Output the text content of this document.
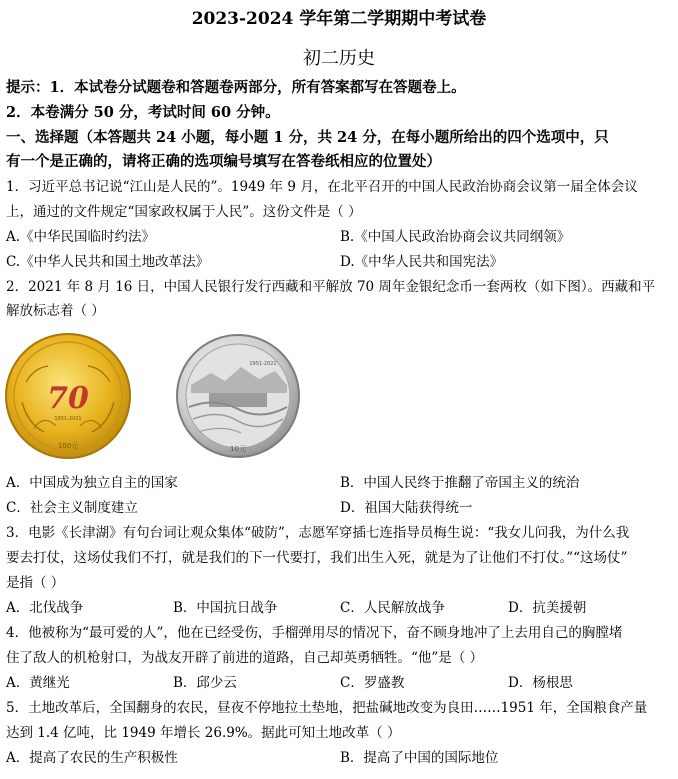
2023-2024 学年第二学期期中考试卷
初二历史
提示：1．本试卷分试题卷和答题卷两部分，所有答案都写在答题卷上。
2．本卷满分 50 分，考试时间 60 分钟。
一、选择题（本答题共 24 小题，每小题 1 分，共 24 分，在每小题所给出的四个选项中，只
有一个是正确的，请将正确的选项编号填写在答卷纸相应的位置处）
1．习近平总书记说“江山是人民的”。1949 年 9 月，在北平召开的中国人民政治协商会议第一届全体会议
上，通过的文件规定“国家政权属于人民”。这份文件是（ ）
A.《中华民国临时约法》	B.《中国人民政治协商会议共同纲领》
C.《中华人民共和国土地改革法》	D.《中华人民共和国宪法》
2．2021 年 8 月 16 日，中国人民银行发行西藏和平解放 70 周年金银纪念币一套两枚（如下图）。西藏和平
解放标志着（ ）
70
1951-2021
100元
1951-2021
10元
A．中国成为独立自主的国家	B．中国人民终于推翻了帝国主义的统治
C．社会主义制度建立	D．祖国大陆获得统一
3．电影《长津湖》有句台词让观众集体“破防”，志愿军穿插七连指导员梅生说：“我女儿问我，为什么我
要去打仗，这场仗我们不打，就是我们的下一代要打，我们出生入死，就是为了让他们不打仗。”“这场仗”
是指（ ）
A．北伐战争	B．中国抗日战争	C．人民解放战争	D．抗美援朝
4．他被称为“最可爱的人”，他在已经受伤，手榴弹用尽的情况下，奋不顾身地冲了上去用自己的胸膛堵
住了敌人的机枪射口，为战友开辟了前进的道路，自己却英勇牺牲。“他”是（ ）
A．黄继光	B．邱少云	C．罗盛教	D．杨根思
5．土地改革后，全国翻身的农民，昼夜不停地拉土垫地，把盐碱地改变为良田……1951 年，全国粮食产量
达到 1.4 亿吨，比 1949 年增长 26.9%。据此可知土地改革（ ）
A．提高了农民的生产积极性	B．提高了中国的国际地位
